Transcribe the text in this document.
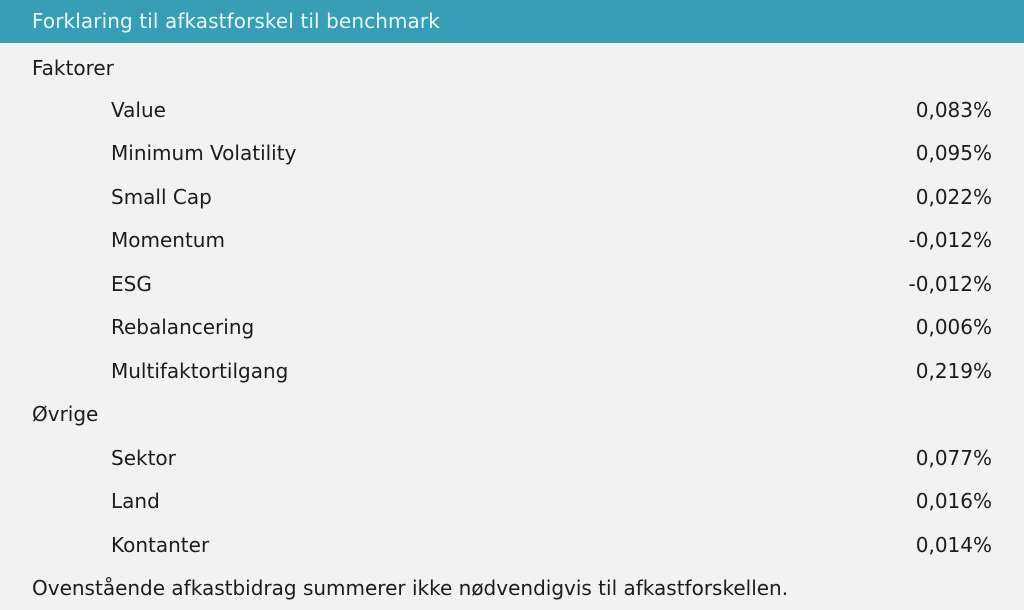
Forklaring til afkastforskel til benchmark
Faktorer
Value	0,083%
Minimum Volatility	0,095%
Small Cap	0,022%
Momentum	-0,012%
ESG	-0,012%
Rebalancering	0,006%
Multifaktortilgang	0,219%
Øvrige
Sektor	0,077%
Land	0,016%
Kontanter	0,014%
Ovenstående afkastbidrag summerer ikke nødvendigvis til afkastforskellen.
